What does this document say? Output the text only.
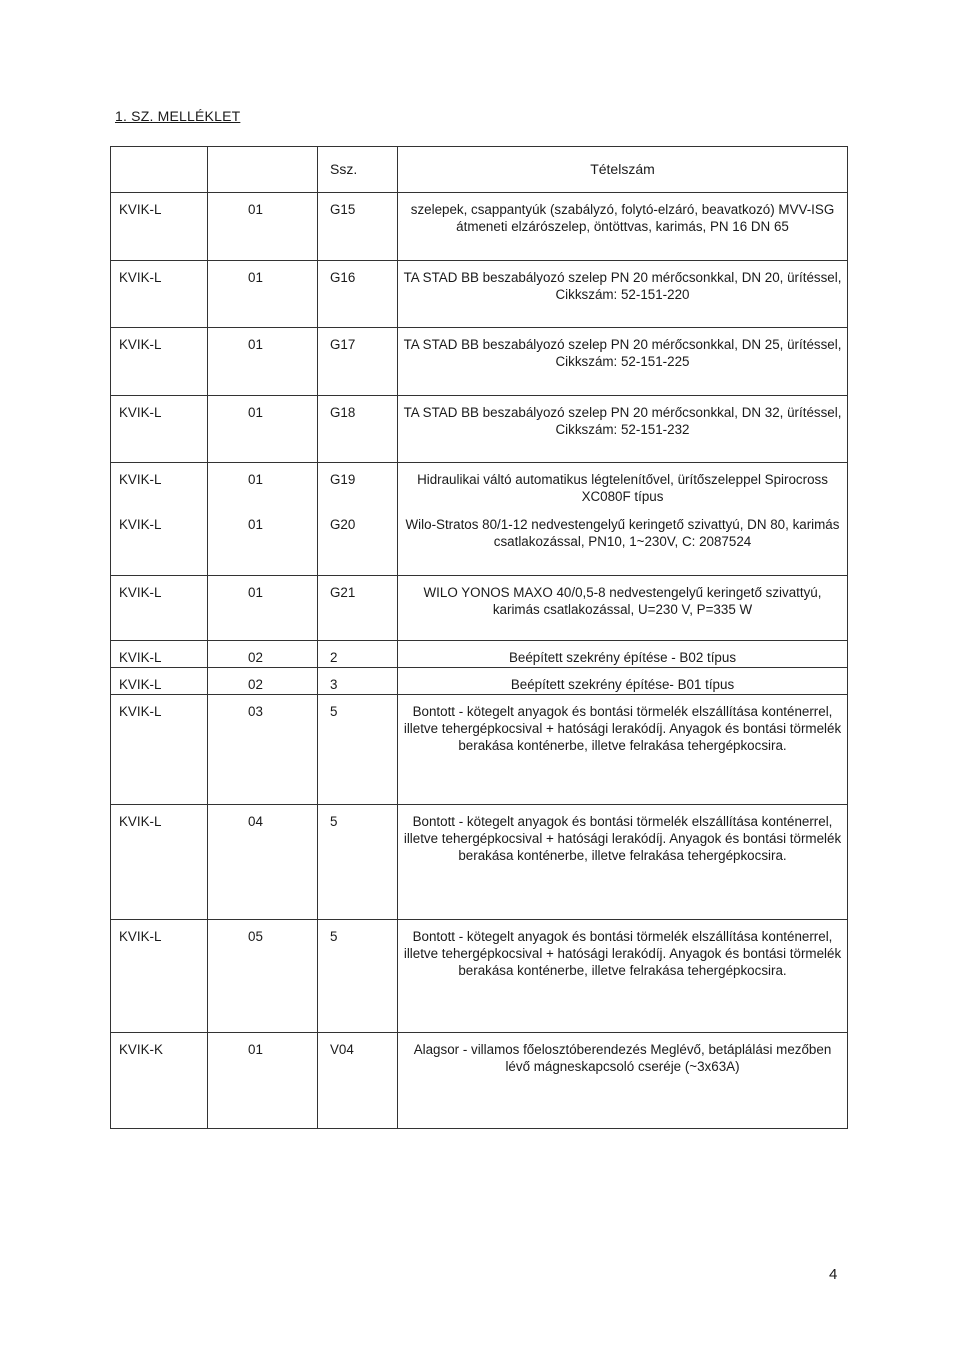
1. SZ. MELLÉKLET
		Ssz.	Tételszám
KVIK-L	01	G15	szelepek, csappantyúk (szabályzó, folytó-elzáró, beavatkozó) MVV-ISG átmeneti elzárószelep, öntöttvas, karimás, PN 16 DN 65
KVIK-L	01	G16	TA STAD BB beszabályozó szelep PN 20 mérőcsonkkal, DN 20, ürítéssel, Cikkszám: 52-151-220
KVIK-L	01	G17	TA STAD BB beszabályozó szelep PN 20 mérőcsonkkal, DN 25, ürítéssel, Cikkszám: 52-151-225
KVIK-L	01	G18	TA STAD BB beszabályozó szelep PN 20 mérőcsonkkal, DN 32, ürítéssel, Cikkszám: 52-151-232
KVIK-L	01	G19	Hidraulikai váltó automatikus légtelenítővel, ürítőszeleppel Spirocross XC080F típus
KVIK-L	01	G20	Wilo-Stratos 80/1-12 nedvestengelyű keringető szivattyú, DN 80, karimás csatlakozással, PN10, 1~230V, C: 2087524
KVIK-L	01	G21	WILO YONOS MAXO 40/0,5-8 nedvestengelyű keringető szivattyú, karimás csatlakozással, U=230 V, P=335 W
KVIK-L	02	2	Beépített szekrény építése - B02 típus
KVIK-L	02	3	Beépített szekrény építése- B01 típus
KVIK-L	03	5	Bontott - kötegelt anyagok és bontási törmelék elszállítása konténerrel, illetve tehergépkocsival + hatósági lerakódíj. Anyagok és bontási törmelék berakása konténerbe, illetve felrakása tehergépkocsira.
KVIK-L	04	5	Bontott - kötegelt anyagok és bontási törmelék elszállítása konténerrel, illetve tehergépkocsival + hatósági lerakódíj. Anyagok és bontási törmelék berakása konténerbe, illetve felrakása tehergépkocsira.
KVIK-L	05	5	Bontott - kötegelt anyagok és bontási törmelék elszállítása konténerrel, illetve tehergépkocsival + hatósági lerakódíj. Anyagok és bontási törmelék berakása konténerbe, illetve felrakása tehergépkocsira.
KVIK-K	01	V04	Alagsor - villamos főelosztóberendezés Meglévő, betáplálási mezőben lévő mágneskapcsoló cseréje (~3x63A)
4
